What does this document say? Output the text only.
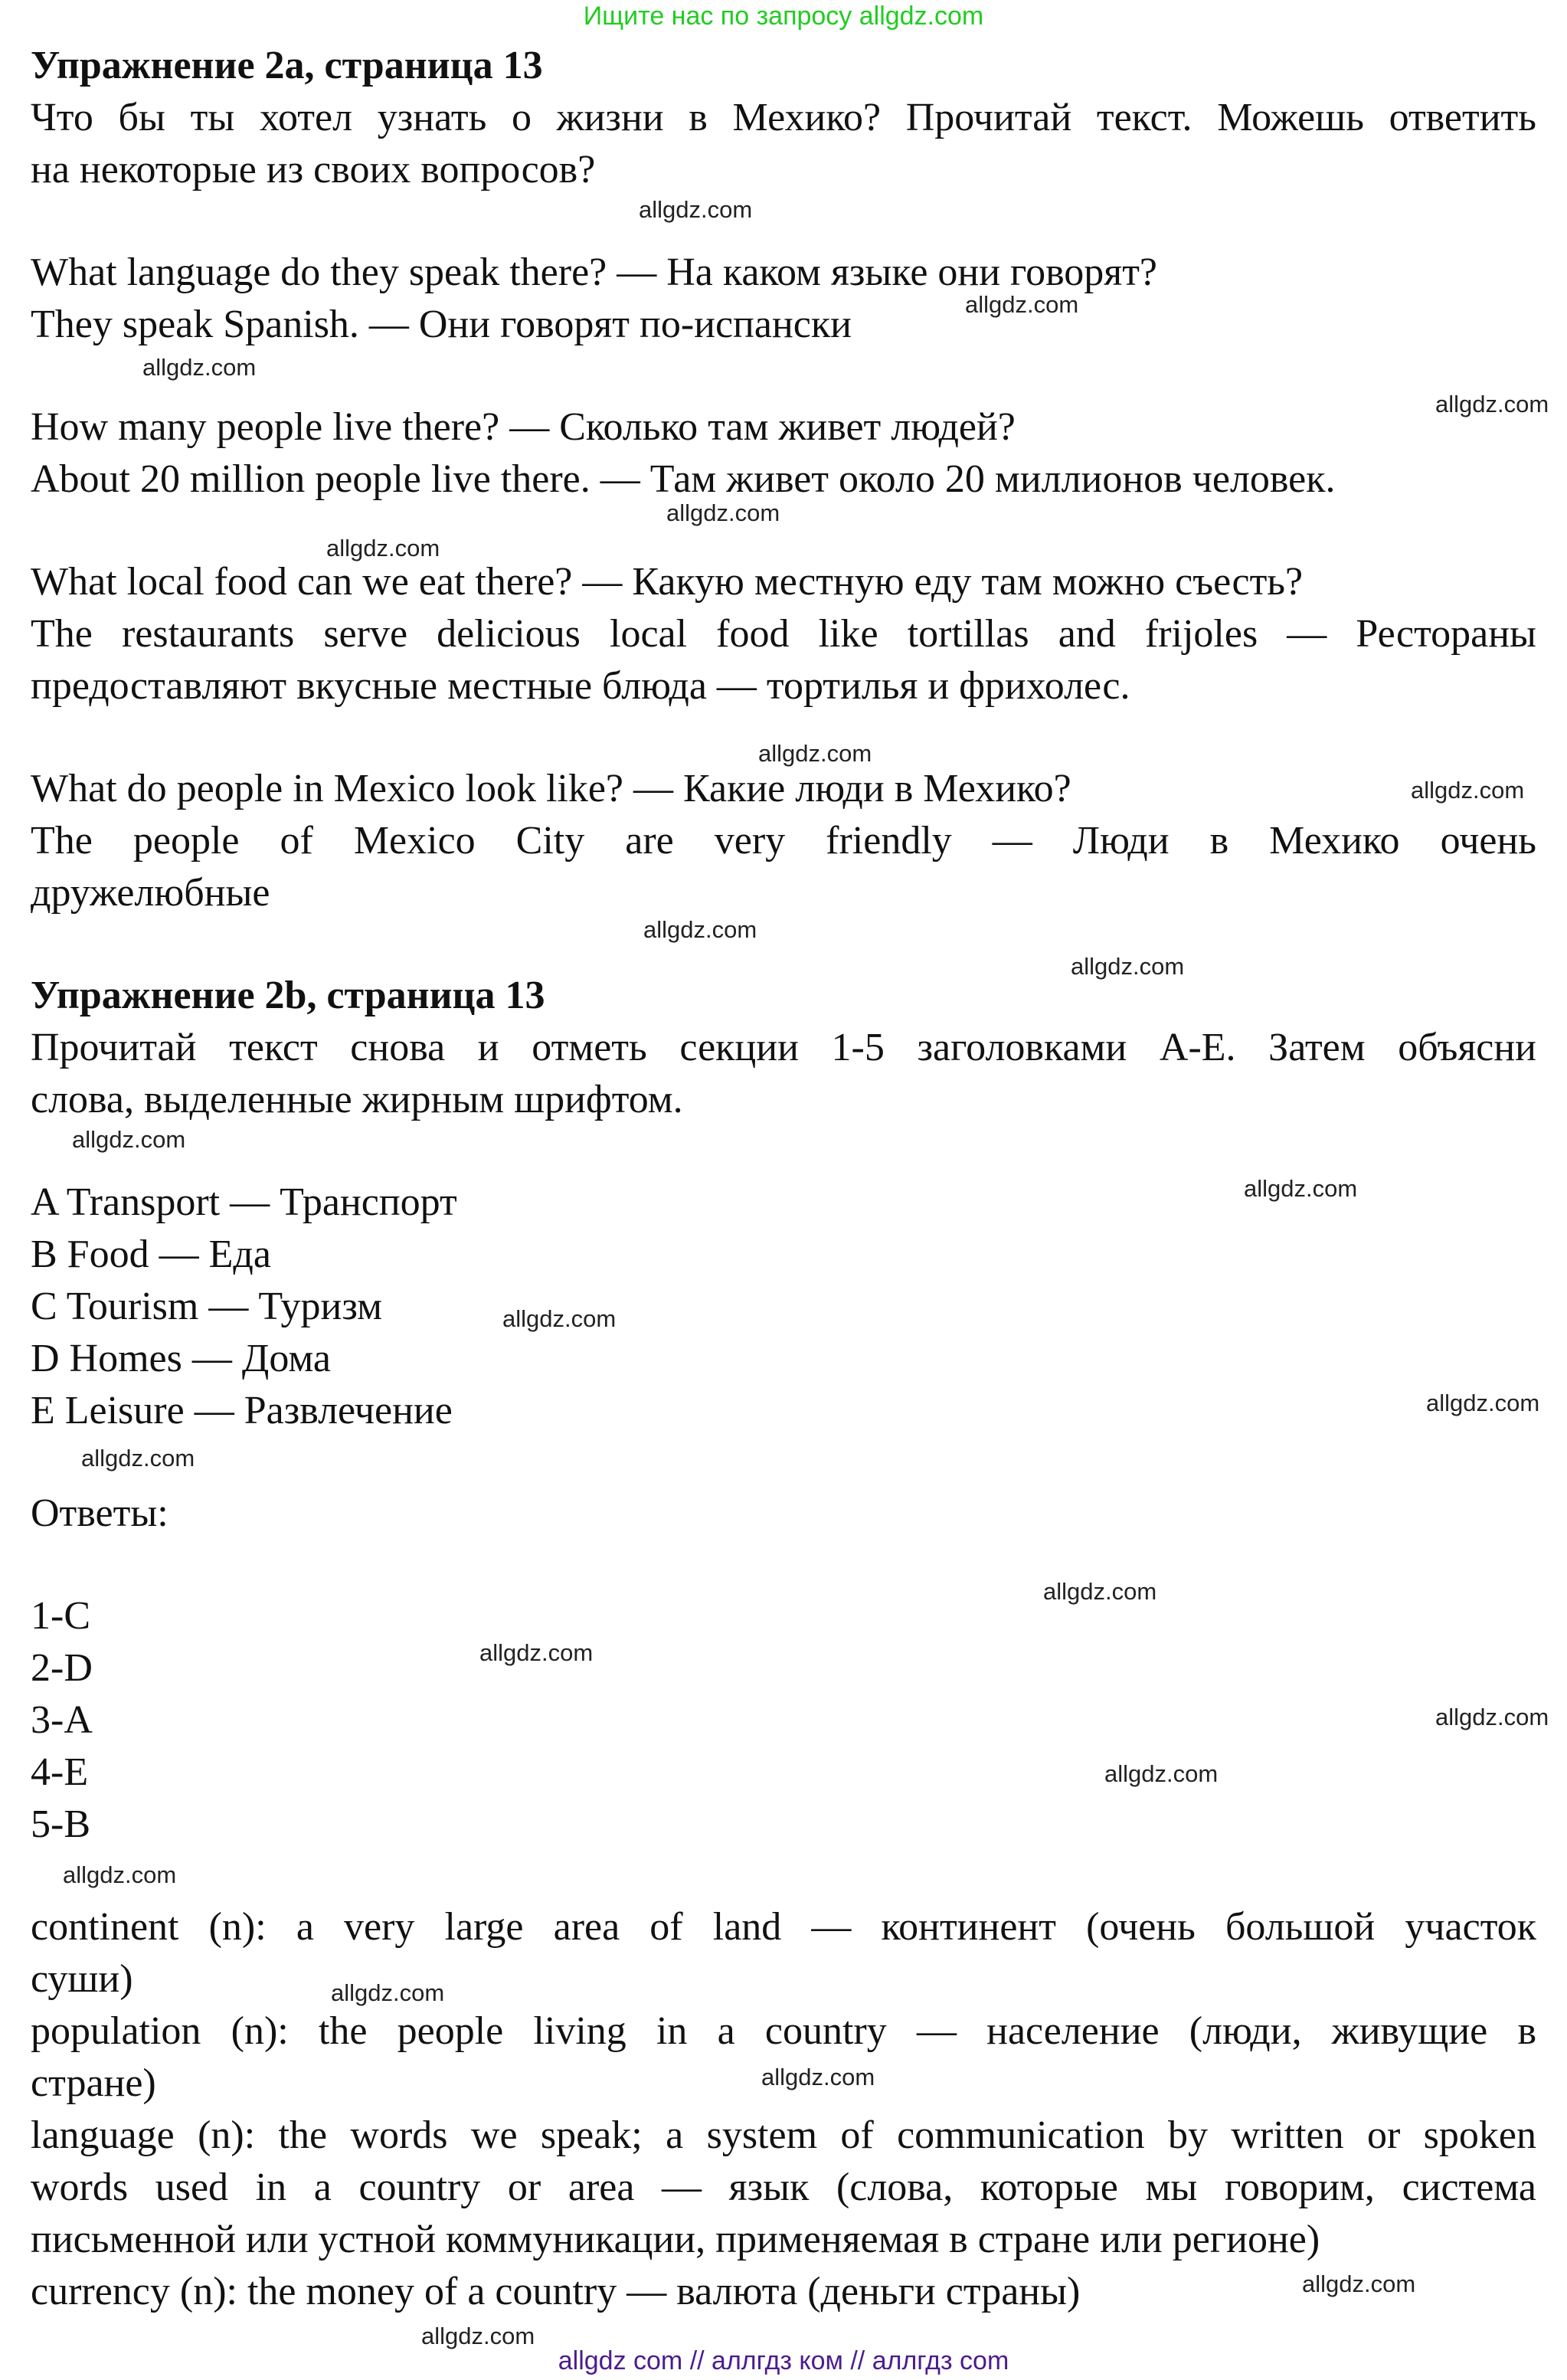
Ищите нас по запросу allgdz.com
Упражнение 2a, страница 13
Что бы ты хотел узнать о жизни в Мехико? Прочитай текст. Можешь ответить
на некоторые из своих вопросов?
What language do they speak there? — На каком языке они говорят?
They speak Spanish. — Они говорят по-испански
How many people live there? — Сколько там живет людей?
About 20 million people live there. — Там живет около 20 миллионов человек.
What local food can we eat there? — Какую местную еду там можно съесть?
The restaurants serve delicious local food like tortillas and frijoles — Рестораны
предоставляют вкусные местные блюда — тортилья и фрихолес.
What do people in Mexico look like? — Какие люди в Мехико?
The people of Mexico City are very friendly — Люди в Мехико очень
дружелюбные
Упражнение 2b, страница 13
Прочитай текст снова и отметь секции 1-5 заголовками A-E. Затем объясни
слова, выделенные жирным шрифтом.
A Transport — Транспорт
B Food — Еда
C Tourism — Туризм
D Homes — Дома
E Leisure — Развлечение
Ответы:
1-C
2-D
3-A
4-E
5-B
continent (n): a very large area of land — континент (очень большой участок
суши)
population (n): the people living in a country — население (люди, живущие в
стране)
language (n): the words we speak; a system of communication by written or spoken
words used in a country or area — язык (слова, которые мы говорим, система
письменной или устной коммуникации, применяемая в стране или регионе)
currency (n): the money of a country — валюта (деньги страны)
allgdz.com
allgdz.com
allgdz.com
allgdz.com
allgdz.com
allgdz.com
allgdz.com
allgdz.com
allgdz.com
allgdz.com
allgdz.com
allgdz.com
allgdz.com
allgdz.com
allgdz.com
allgdz.com
allgdz.com
allgdz.com
allgdz.com
allgdz.com
allgdz.com
allgdz.com
allgdz.com
allgdz.com
allgdz com // аллгдз ком // аллгдз com
